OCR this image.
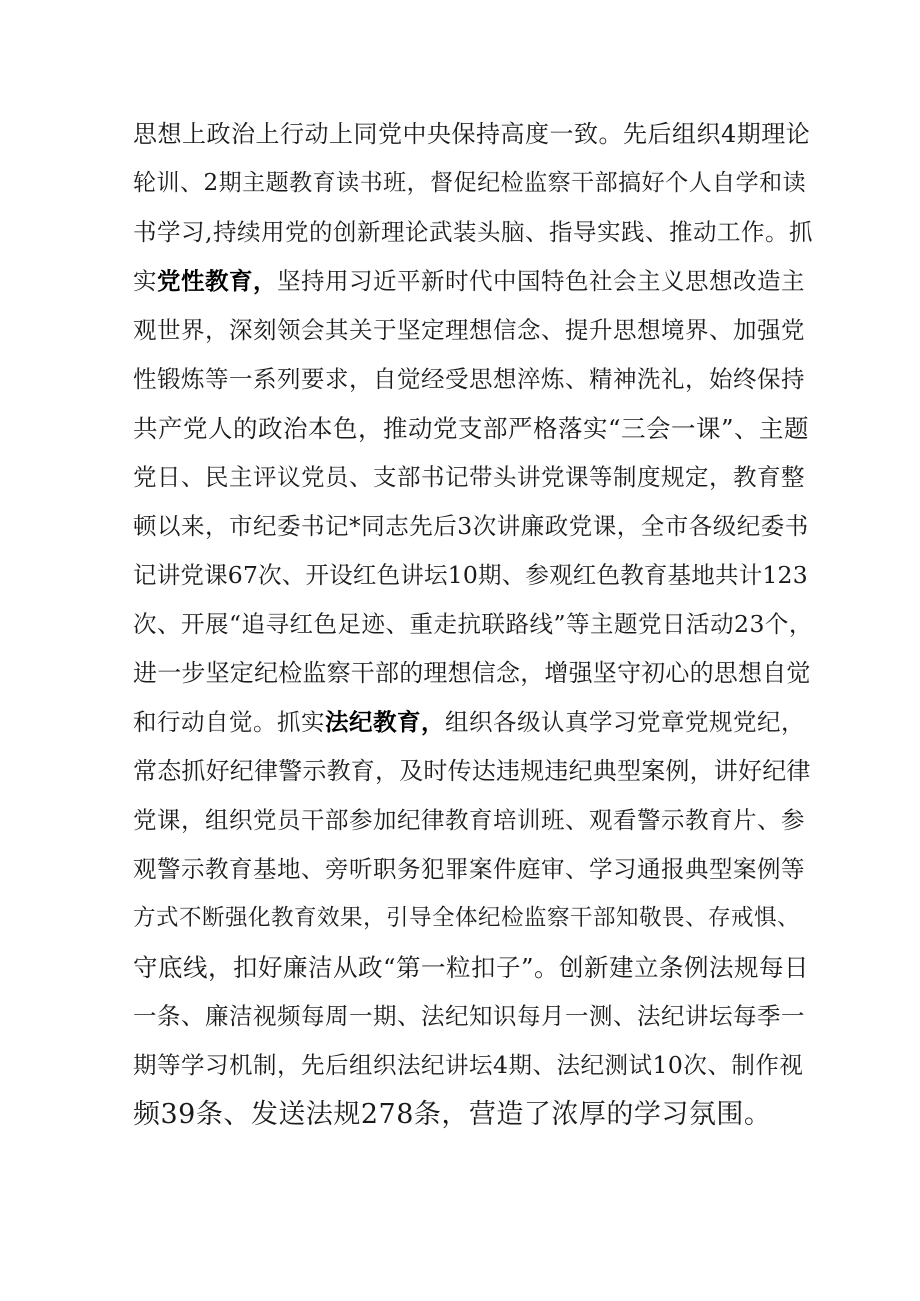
思想上政治上行动上同党中央保持高度一致。先后组织4期理论
轮训、2期主题教育读书班，督促纪检监察干部搞好个人自学和读
书学习,持续用党的创新理论武装头脑、指导实践、推动工作。抓
实党性教育，坚持用习近平新时代中国特色社会主义思想改造主
观世界，深刻领会其关于坚定理想信念、提升思想境界、加强党
性锻炼等一系列要求，自觉经受思想淬炼、精神洗礼，始终保持
共产党人的政治本色，推动党支部严格落实“三会一课”、主题
党日、民主评议党员、支部书记带头讲党课等制度规定，教育整
顿以来，市纪委书记*同志先后3次讲廉政党课，全市各级纪委书
记讲党课67次、开设红色讲坛10期、参观红色教育基地共计123
次、开展“追寻红色足迹、重走抗联路线”等主题党日活动23个，
进一步坚定纪检监察干部的理想信念，增强坚守初心的思想自觉
和行动自觉。抓实法纪教育，组织各级认真学习党章党规党纪，
常态抓好纪律警示教育，及时传达违规违纪典型案例，讲好纪律
党课，组织党员干部参加纪律教育培训班、观看警示教育片、参
观警示教育基地、旁听职务犯罪案件庭审、学习通报典型案例等
方式不断强化教育效果，引导全体纪检监察干部知敬畏、存戒惧、
守底线，扣好廉洁从政“第一粒扣子”。创新建立条例法规每日
一条、廉洁视频每周一期、法纪知识每月一测、法纪讲坛每季一
期等学习机制，先后组织法纪讲坛4期、法纪测试10次、制作视
频39条、发送法规278条，营造了浓厚的学习氛围。
